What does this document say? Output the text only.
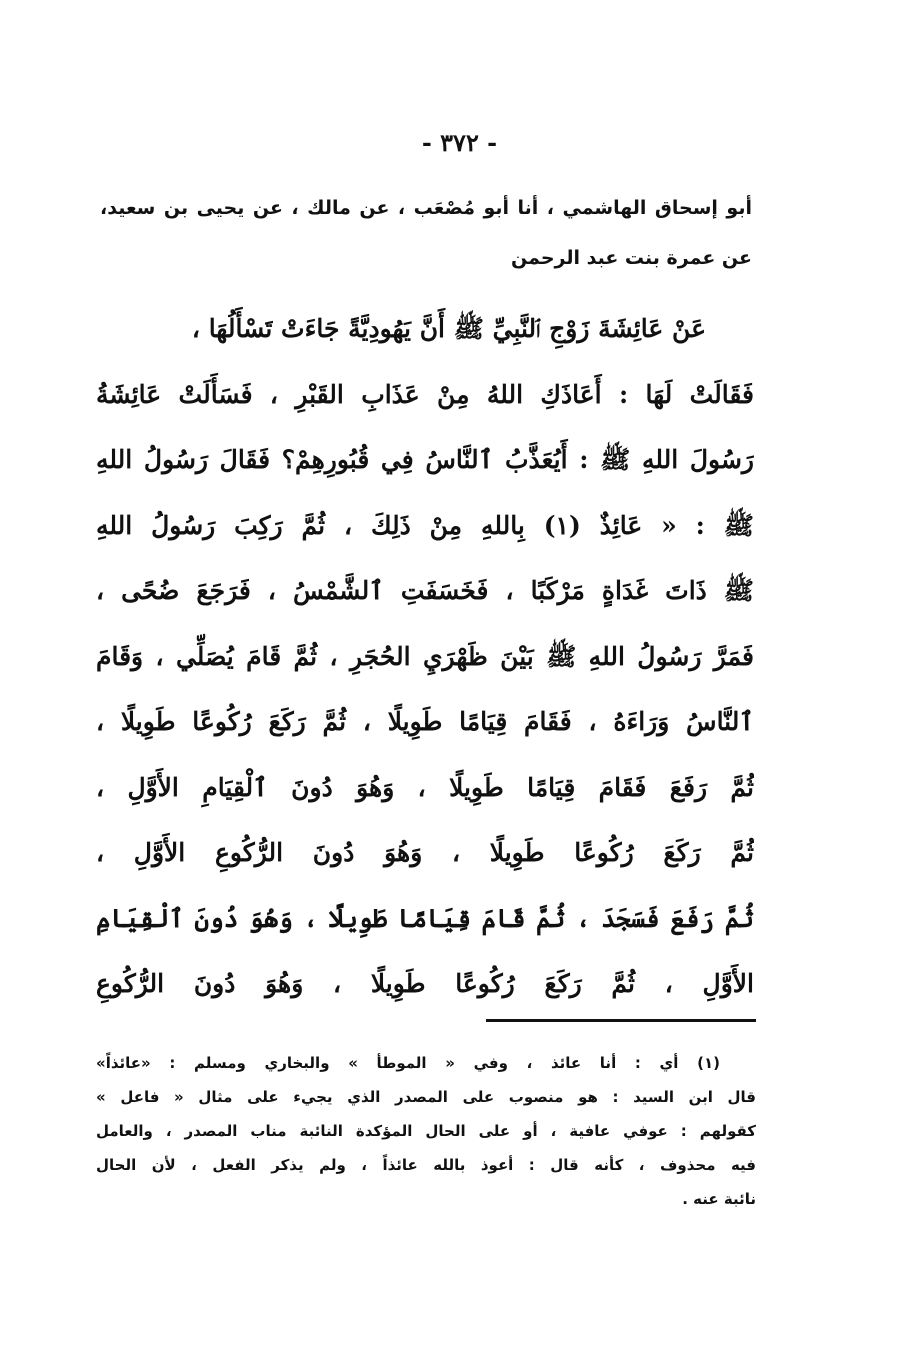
- ٣٧٢ -
أبو إسحاق الهاشمي ، أنا أبو مُصْعَب ، عن مالك ، عن يحيى بن سعيد،
عن عمرة بنت عبد الرحمن
عَنْ عَائِشَةَ زَوْجِ ٱلنَّبِيِّ ﷺ أَنَّ يَهُودِيَّةً جَاءَتْ تَسْأَلُهَا ،
فَقَالَتْ لَهَا : أَعَاذَكِ اللهُ مِنْ عَذَابِ القَبْرِ ، فَسَأَلَتْ عَائِشَةُ
رَسُولَ اللهِ ﷺ : أَيُعَذَّبُ ٱلنَّاسُ فِي قُبُورِهِمْ؟ فَقَالَ رَسُولُ اللهِ
ﷺ : « عَائِذٌ (١) بِاللهِ مِنْ ذَلِكَ ، ثُمَّ رَكِبَ رَسُولُ اللهِ
ﷺ ذَاتَ غَدَاةٍ مَرْكَبًا ، فَخَسَفَتِ ٱلشَّمْسُ ، فَرَجَعَ ضُحًى ،
فَمَرَّ رَسُولُ اللهِ ﷺ بَيْنَ ظَهْرَيِ الحُجَرِ ، ثُمَّ قَامَ يُصَلِّي ، وَقَامَ
ٱلنَّاسُ وَرَاءَهُ ، فَقَامَ قِيَامًا طَوِيلًا ، ثُمَّ رَكَعَ رُكُوعًا طَوِيلًا ،
ثُمَّ رَفَعَ فَقَامَ قِيَامًا طَوِيلًا ، وَهُوَ دُونَ ٱلْقِيَامِ الأَوَّلِ ،
ثُمَّ رَكَعَ رُكُوعًا طَوِيلًا ، وَهُوَ دُونَ الرُّكُوعِ الأَوَّلِ ،
ثُمَّ رَفَعَ فَسَجَدَ ، ثُمَّ قَامَ قِيَامًا طَوِيلًا ، وَهُوَ دُونَ ٱلْقِيَامِ
الأَوَّلِ ، ثُمَّ رَكَعَ رُكُوعًا طَوِيلًا ، وَهُوَ دُونَ الرُّكُوعِ
(١) أي : أنا عائذ ، وفي « الموطأ » والبخاري ومسلم : «عائذاً»
قال ابن السيد : هو منصوب على المصدر الذي يجيء على مثال « فاعل »
كقولهم : عوفي عافية ، أو على الحال المؤكدة النائبة مناب المصدر ، والعامل
فيه محذوف ، كأنه قال : أعوذ بالله عائذاً ، ولم يذكر الفعل ، لأن الحال
نائبة عنه .
